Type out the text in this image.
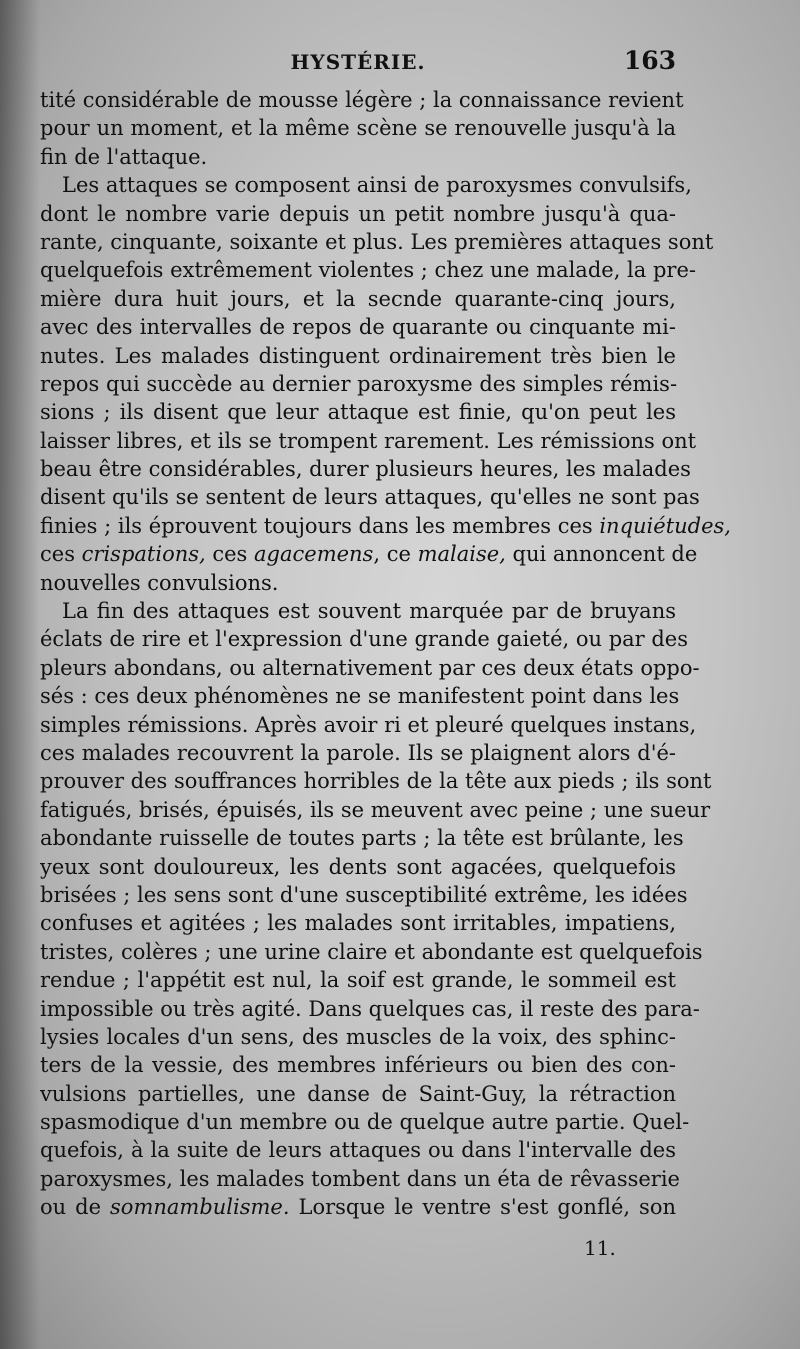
HYSTÉRIE.	163
tité considérable de mousse légère ; la connaissance revient
pour un moment, et la même scène se renouvelle jusqu'à la
fin de l'attaque.
Les attaques se composent ainsi de paroxysmes convulsifs,
dont le nombre varie depuis un petit nombre jusqu'à qua-
rante, cinquante, soixante et plus. Les premières attaques sont
quelquefois extrêmement violentes ; chez une malade, la pre-
mière dura huit jours, et la secnde quarante-cinq jours,
avec des intervalles de repos de quarante ou cinquante mi-
nutes. Les malades distinguent ordinairement très bien le
repos qui succède au dernier paroxysme des simples rémis-
sions ; ils disent que leur attaque est finie, qu'on peut les
laisser libres, et ils se trompent rarement. Les rémissions ont
beau être considérables, durer plusieurs heures, les malades
disent qu'ils se sentent de leurs attaques, qu'elles ne sont pas
finies ; ils éprouvent toujours dans les membres ces inquiétudes,
ces crispations, ces agacemens, ce malaise, qui annoncent de
nouvelles convulsions.
La fin des attaques est souvent marquée par de bruyans
éclats de rire et l'expression d'une grande gaieté, ou par des
pleurs abondans, ou alternativement par ces deux états oppo-
sés : ces deux phénomènes ne se manifestent point dans les
simples rémissions. Après avoir ri et pleuré quelques instans,
ces malades recouvrent la parole. Ils se plaignent alors d'é-
prouver des souffrances horribles de la tête aux pieds ; ils sont
fatigués, brisés, épuisés, ils se meuvent avec peine ; une sueur
abondante ruisselle de toutes parts ; la tête est brûlante, les
yeux sont douloureux, les dents sont agacées, quelquefois
brisées ; les sens sont d'une susceptibilité extrême, les idées
confuses et agitées ; les malades sont irritables, impatiens,
tristes, colères ; une urine claire et abondante est quelquefois
rendue ; l'appétit est nul, la soif est grande, le sommeil est
impossible ou très agité. Dans quelques cas, il reste des para-
lysies locales d'un sens, des muscles de la voix, des sphinc-
ters de la vessie, des membres inférieurs ou bien des con-
vulsions partielles, une danse de Saint-Guy, la rétraction
spasmodique d'un membre ou de quelque autre partie. Quel-
quefois, à la suite de leurs attaques ou dans l'intervalle des
paroxysmes, les malades tombent dans un éta de rêvasserie
ou de somnambulisme. Lorsque le ventre s'est gonflé, son
11.
